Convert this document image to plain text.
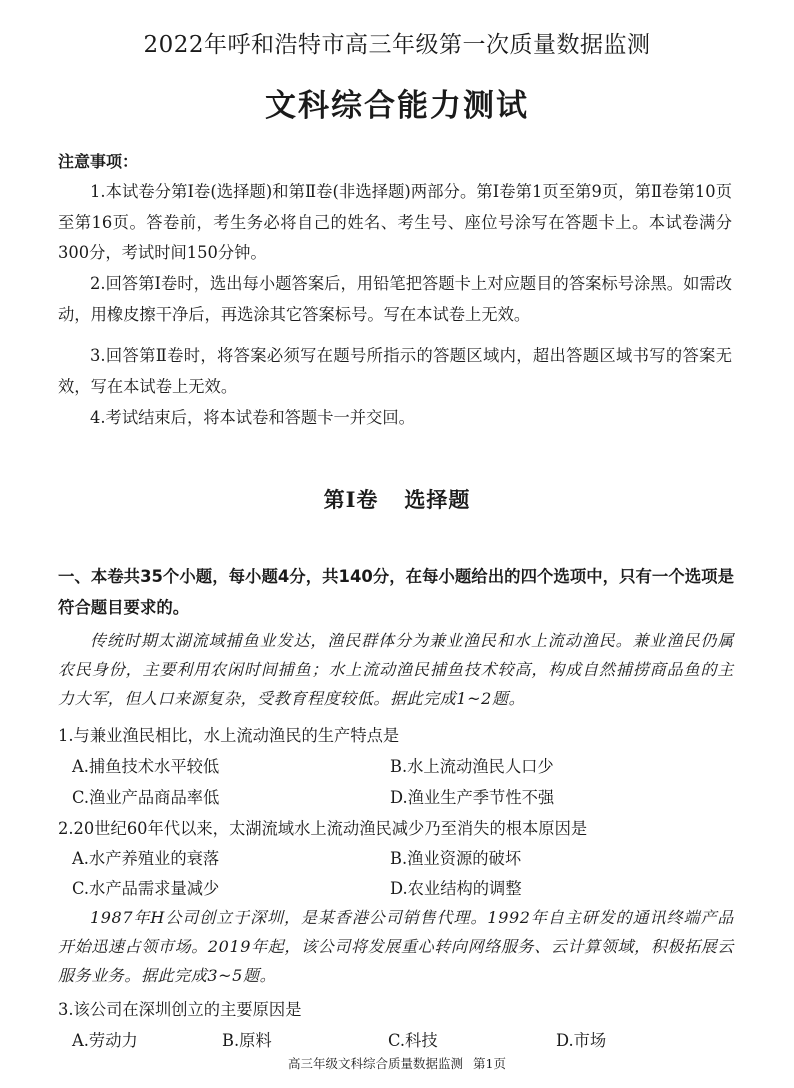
2022年呼和浩特市高三年级第一次质量数据监测

文科综合能力测试

注意事项：

1.本试卷分第Ⅰ卷(选择题)和第Ⅱ卷(非选择题)两部分。第Ⅰ卷第1页至第9页，第Ⅱ卷第10页至第16页。答卷前，考生务必将自己的姓名、考生号、座位号涂写在答题卡上。本试卷满分300分，考试时间150分钟。

2.回答第Ⅰ卷时，选出每小题答案后，用铅笔把答题卡上对应题目的答案标号涂黑。如需改动，用橡皮擦干净后，再选涂其它答案标号。写在本试卷上无效。

3.回答第Ⅱ卷时，将答案必须写在题号所指示的答题区域内，超出答题区域书写的答案无效，写在本试卷上无效。

4.考试结束后，将本试卷和答题卡一并交回。

第Ⅰ卷 选择题

一、本卷共35个小题，每小题4分，共140分，在每小题给出的四个选项中，只有一个选项是符合题目要求的。

传统时期太湖流域捕鱼业发达，渔民群体分为兼业渔民和水上流动渔民。兼业渔民仍属农民身份，主要利用农闲时间捕鱼；水上流动渔民捕鱼技术较高，构成自然捕捞商品鱼的主力大军，但人口来源复杂，受教育程度较低。据此完成1~2题。

1.与兼业渔民相比，水上流动渔民的生产特点是

A.捕鱼技术水平较低	B.水上流动渔民人口少
C.渔业产品商品率低	D.渔业生产季节性不强

2.20世纪60年代以来，太湖流域水上流动渔民减少乃至消失的根本原因是

A.水产养殖业的衰落	B.渔业资源的破坏
C.水产品需求量减少	D.农业结构的调整

1987年H公司创立于深圳，是某香港公司销售代理。1992年自主研发的通讯终端产品开始迅速占领市场。2019年起，该公司将发展重心转向网络服务、云计算领域，积极拓展云服务业务。据此完成3~5题。

3.该公司在深圳创立的主要原因是

A.劳动力	B.原料	C.科技	D.市场

高三年级文科综合质量数据监测 第1页
